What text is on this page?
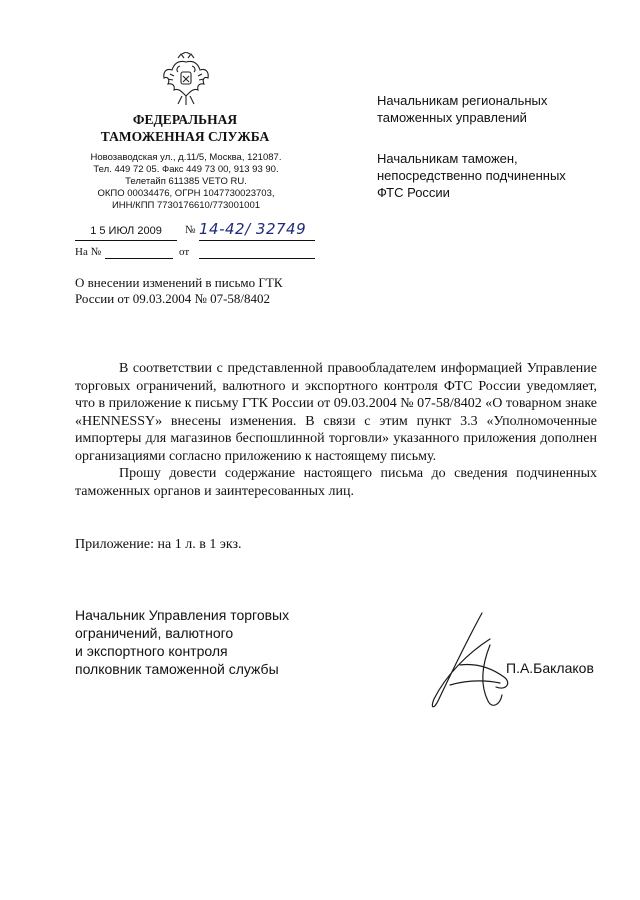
ФЕДЕРАЛЬНАЯ
ТАМОЖЕННАЯ СЛУЖБА
Новозаводская ул., д.11/5, Москва, 121087.
Тел. 449 72 05. Факс 449 73 00, 913 93 90.
Телетайп 611385 VETO RU.
ОКПО 00034476, ОГРН 1047730023703,
ИНН/КПП 7730176610/773001001
1 5 ИЮЛ 2009	№ 14-42/ 32749
На №	от
О внесении изменений в письмо ГТК
России от 09.03.2004 № 07-58/8402
Начальникам региональных
таможенных управлений
Начальникам таможен,
непосредственно подчиненных
ФТС России

В соответствии с представленной правообладателем информацией Управление торговых ограничений, валютного и экспортного контроля ФТС России уведомляет, что в приложение к письму ГТК России от 09.03.2004 № 07-58/8402 «О товарном знаке «HENNESSY» внесены изменения. В связи с этим пункт 3.3 «Уполномоченные импортеры для магазинов беспошлинной торговли» указанного приложения дополнен организациями согласно приложению к настоящему письму.

Прошу довести содержание настоящего письма до сведения подчиненных таможенных органов и заинтересованных лиц.

Приложение: на 1 л. в 1 экз.
Начальник Управления торговых
ограничений, валютного
и экспортного контроля
полковник таможенной службы	П.А.Баклаков
